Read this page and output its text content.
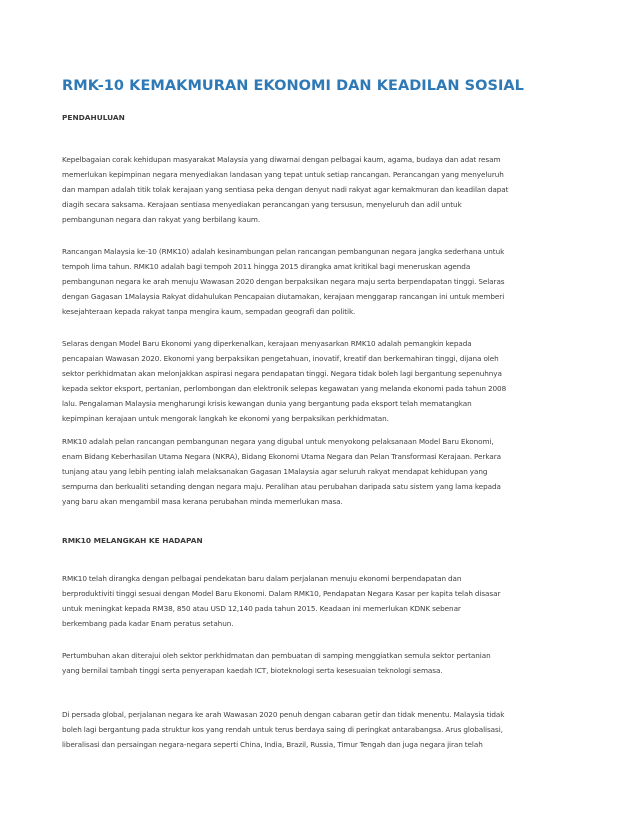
RMK-10 KEMAKMURAN EKONOMI DAN KEADILAN SOSIAL
PENDAHULUAN

Kepelbagaian corak kehidupan masyarakat Malaysia yang diwarnai dengan pelbagai kaum, agama, budaya dan adat resam
memerlukan kepimpinan negara menyediakan landasan yang tepat untuk setiap rancangan. Perancangan yang menyeluruh
dan mampan adalah titik tolak kerajaan yang sentiasa peka dengan denyut nadi rakyat agar kemakmuran dan keadilan dapat
diagih secara saksama. Kerajaan sentiasa menyediakan perancangan yang tersusun, menyeluruh dan adil untuk
pembangunan negara dan rakyat yang berbilang kaum.

Rancangan Malaysia ke-10 (RMK10) adalah kesinambungan pelan rancangan pembangunan negara jangka sederhana untuk
tempoh lima tahun. RMK10 adalah bagi tempoh 2011 hingga 2015 dirangka amat kritikal bagi meneruskan agenda
pembangunan negara ke arah menuju Wawasan 2020 dengan berpaksikan negara maju serta berpendapatan tinggi. Selaras
dengan Gagasan 1Malaysia Rakyat didahulukan Pencapaian diutamakan, kerajaan menggarap rancangan ini untuk memberi
kesejahteraan kepada rakyat tanpa mengira kaum, sempadan geografi dan politik.

Selaras dengan Model Baru Ekonomi yang diperkenalkan, kerajaan menyasarkan RMK10 adalah pemangkin kepada
pencapaian Wawasan 2020. Ekonomi yang berpaksikan pengetahuan, inovatif, kreatif dan berkemahiran tinggi, dijana oleh
sektor perkhidmatan akan melonjakkan aspirasi negara pendapatan tinggi. Negara tidak boleh lagi bergantung sepenuhnya
kepada sektor eksport, pertanian, perlombongan dan elektronik selepas kegawatan yang melanda ekonomi pada tahun 2008
lalu. Pengalaman Malaysia mengharungi krisis kewangan dunia yang bergantung pada eksport telah mematangkan
kepimpinan kerajaan untuk mengorak langkah ke ekonomi yang berpaksikan perkhidmatan.

RMK10 adalah pelan rancangan pembangunan negara yang digubal untuk menyokong pelaksanaan Model Baru Ekonomi,
enam Bidang Keberhasilan Utama Negara (NKRA), Bidang Ekonomi Utama Negara dan Pelan Transformasi Kerajaan. Perkara
tunjang atau yang lebih penting ialah melaksanakan Gagasan 1Malaysia agar seluruh rakyat mendapat kehidupan yang
sempurna dan berkualiti setanding dengan negara maju. Peralihan atau perubahan daripada satu sistem yang lama kepada
yang baru akan mengambil masa kerana perubahan minda memerlukan masa.

RMK10 MELANGKAH KE HADAPAN

RMK10 telah dirangka dengan pelbagai pendekatan baru dalam perjalanan menuju ekonomi berpendapatan dan
berproduktiviti tinggi sesuai dengan Model Baru Ekonomi. Dalam RMK10, Pendapatan Negara Kasar per kapita telah disasar
untuk meningkat kepada RM38, 850 atau USD 12,140 pada tahun 2015. Keadaan ini memerlukan KDNK sebenar
berkembang pada kadar Enam peratus setahun.

Pertumbuhan akan diterajui oleh sektor perkhidmatan dan pembuatan di samping menggiatkan semula sektor pertanian
yang bernilai tambah tinggi serta penyerapan kaedah ICT, bioteknologi serta kesesuaian teknologi semasa.

Di persada global, perjalanan negara ke arah Wawasan 2020 penuh dengan cabaran getir dan tidak menentu. Malaysia tidak
boleh lagi bergantung pada struktur kos yang rendah untuk terus berdaya saing di peringkat antarabangsa. Arus globalisasi,
liberalisasi dan persaingan negara-negara seperti China, India, Brazil, Russia, Timur Tengah dan juga negara jiran telah
